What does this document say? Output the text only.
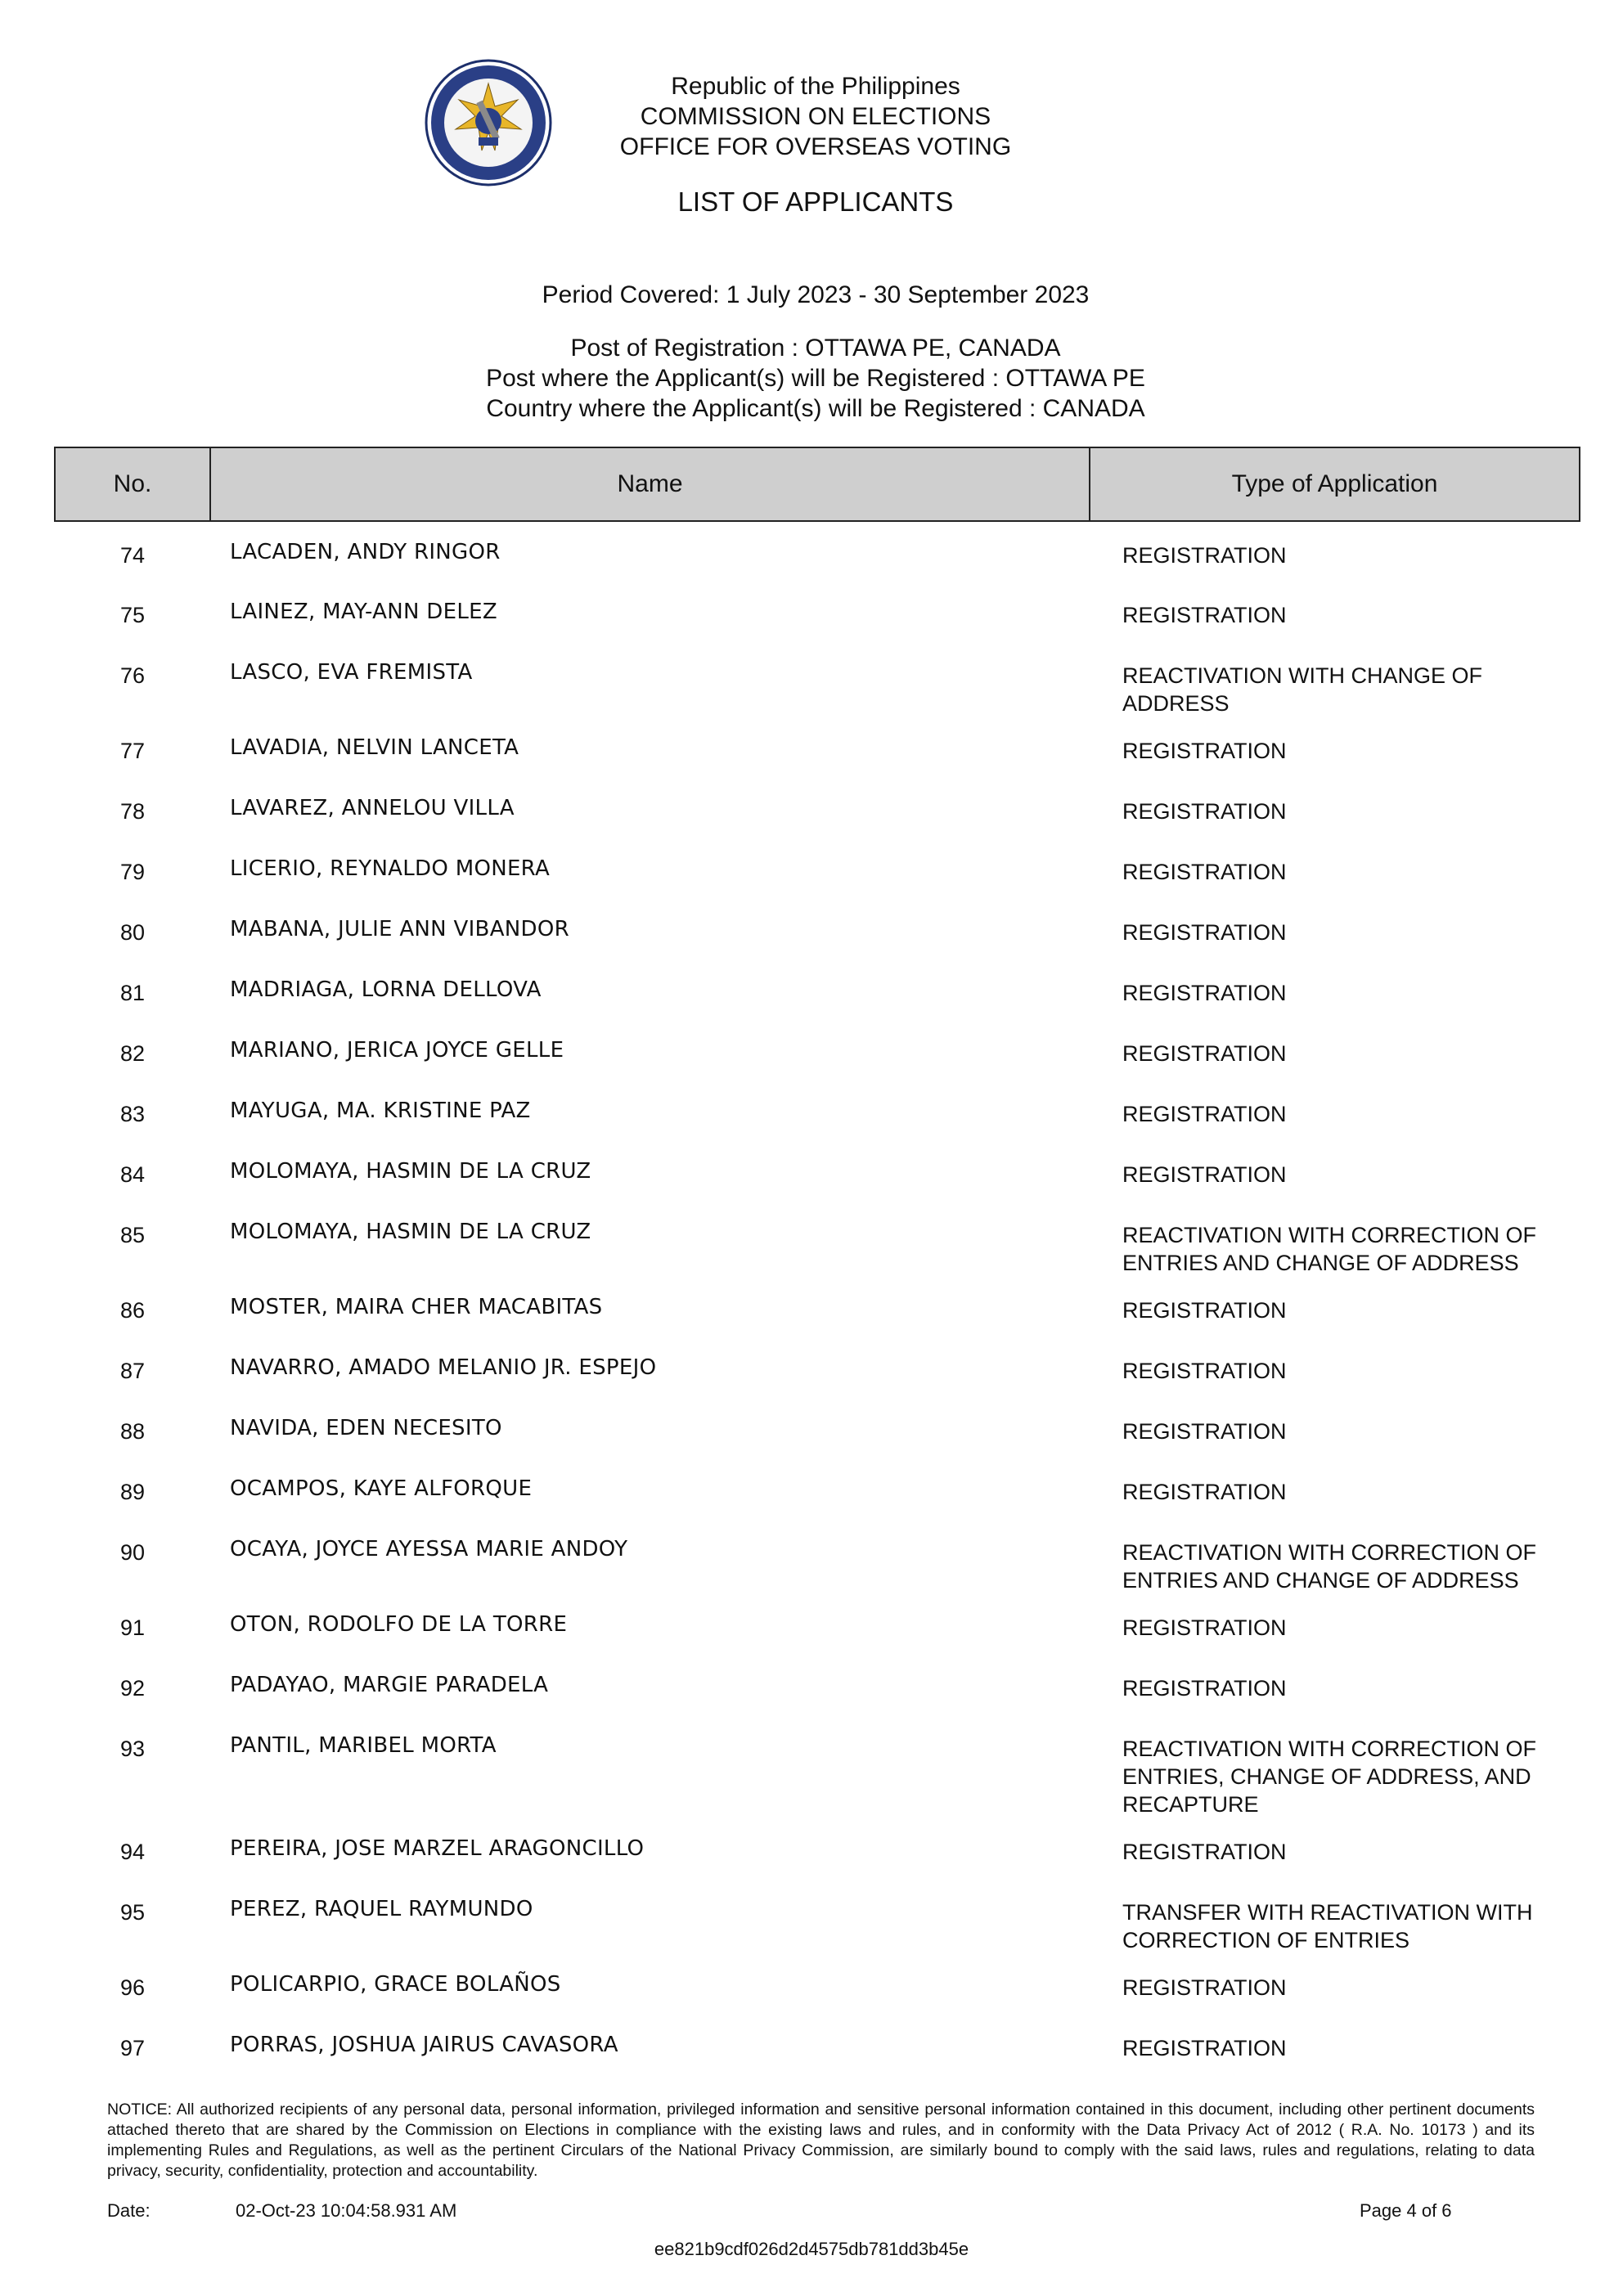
Republic of the Philippines
COMMISSION ON ELECTIONS
OFFICE FOR OVERSEAS VOTING
LIST OF APPLICANTS
Period Covered: 1 July 2023 - 30 September 2023
Post of Registration : OTTAWA PE, CANADA
Post where the Applicant(s) will be Registered : OTTAWA PE
Country where the Applicant(s) will be Registered : CANADA
No.	Name	Type of Application
74	LACADEN, ANDY RINGOR	REGISTRATION
75	LAINEZ, MAY-ANN DELEZ	REGISTRATION
76	LASCO, EVA FREMISTA	REACTIVATION WITH CHANGE OF ADDRESS
77	LAVADIA, NELVIN LANCETA	REGISTRATION
78	LAVAREZ, ANNELOU VILLA	REGISTRATION
79	LICERIO, REYNALDO MONERA	REGISTRATION
80	MABANA, JULIE ANN VIBANDOR	REGISTRATION
81	MADRIAGA, LORNA DELLOVA	REGISTRATION
82	MARIANO, JERICA JOYCE GELLE	REGISTRATION
83	MAYUGA, MA. KRISTINE PAZ	REGISTRATION
84	MOLOMAYA, HASMIN DE LA CRUZ	REGISTRATION
85	MOLOMAYA, HASMIN DE LA CRUZ	REACTIVATION WITH CORRECTION OF ENTRIES AND CHANGE OF ADDRESS
86	MOSTER, MAIRA CHER MACABITAS	REGISTRATION
87	NAVARRO, AMADO MELANIO JR. ESPEJO	REGISTRATION
88	NAVIDA, EDEN NECESITO	REGISTRATION
89	OCAMPOS, KAYE ALFORQUE	REGISTRATION
90	OCAYA, JOYCE AYESSA MARIE ANDOY	REACTIVATION WITH CORRECTION OF ENTRIES AND CHANGE OF ADDRESS
91	OTON, RODOLFO DE LA TORRE	REGISTRATION
92	PADAYAO, MARGIE PARADELA	REGISTRATION
93	PANTIL, MARIBEL MORTA	REACTIVATION WITH CORRECTION OF ENTRIES, CHANGE OF ADDRESS, AND RECAPTURE
94	PEREIRA, JOSE MARZEL ARAGONCILLO	REGISTRATION
95	PEREZ, RAQUEL RAYMUNDO	TRANSFER WITH REACTIVATION WITH CORRECTION OF ENTRIES
96	POLICARPIO, GRACE BOLAÑOS	REGISTRATION
97	PORRAS, JOSHUA JAIRUS CAVASORA	REGISTRATION
NOTICE: All authorized recipients of any personal data, personal information, privileged information and sensitive personal information contained in this document, including other pertinent documents attached thereto that are shared by the Commission on Elections in compliance with the existing laws and rules, and in conformity with the Data Privacy Act of 2012 ( R.A. No. 10173 ) and its implementing Rules and Regulations, as well as the pertinent Circulars of the National Privacy Commission, are similarly bound to comply with the said laws, rules and regulations, relating to data privacy, security, confidentiality, protection and accountability.
Date:	02-Oct-23 10:04:58.931 AM	Page 4 of 6
ee821b9cdf026d2d4575db781dd3b45e
